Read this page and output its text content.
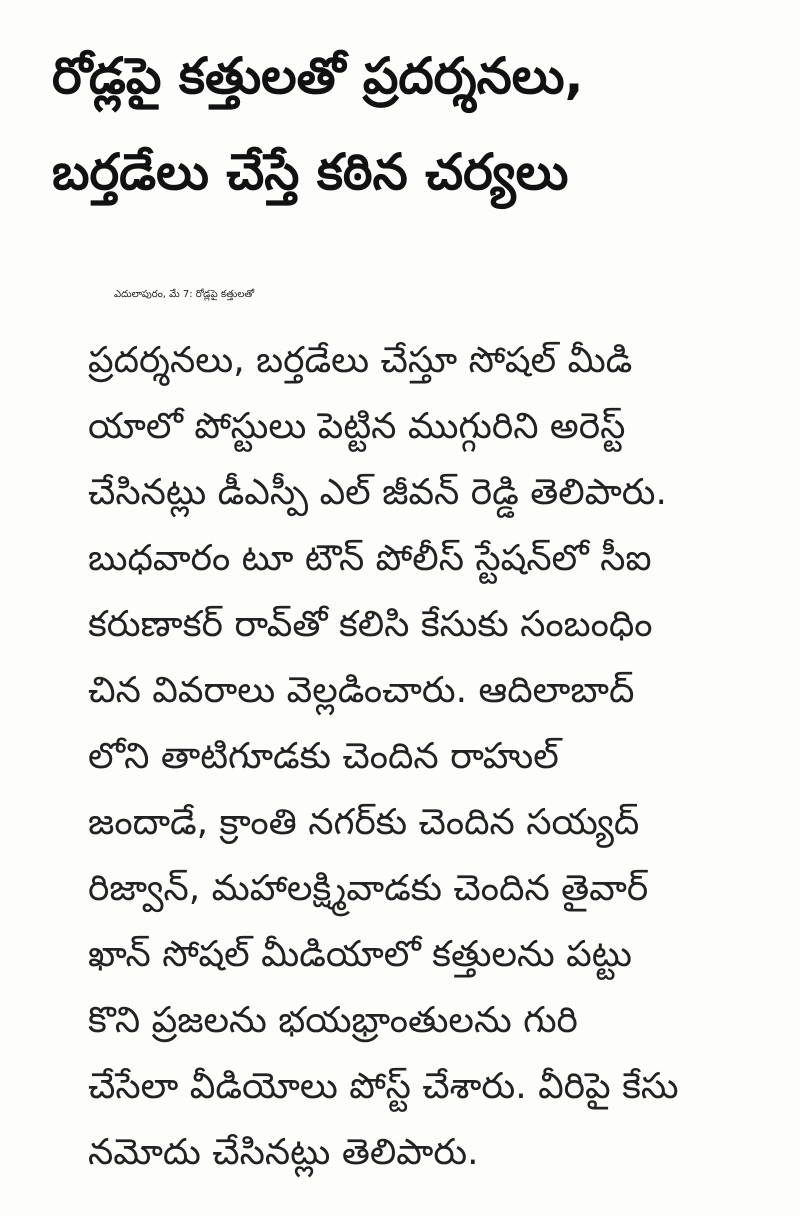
రోడ్లపై కత్తులతో ప్రదర్శనలు,
బర్తడేలు చేస్తే కఠిన చర్యలు
ఎదులాపురం, మే 7: రోడ్లపై కత్తులతో
ప్రదర్శనలు, బర్తడేలు చేస్తూ సోషల్ మీడి
యాలో పోస్టులు పెట్టిన ముగ్గురిని అరెస్ట్
చేసినట్లు డీఎస్పీ ఎల్ జీవన్ రెడ్డి తెలిపారు.
బుధవారం టూ టౌన్ పోలీస్ స్టేషన్‌లో సీఐ
కరుణాకర్ రావ్‌తో కలిసి కేసుకు సంబంధిం
చిన వివరాలు వెల్లడించారు. ఆదిలాబాద్
లోని తాటిగూడకు చెందిన రాహుల్
జందాడే, క్రాంతి నగర్‌కు చెందిన సయ్యద్
రిజ్వాన్, మహాలక్ష్మివాడకు చెందిన తైవార్
ఖాన్ సోషల్ మీడియాలో కత్తులను పట్టు
కొని ప్రజలను భయభ్రాంతులను గురి
చేసేలా వీడియోలు పోస్ట్ చేశారు. వీరిపై కేసు
నమోదు చేసినట్లు తెలిపారు.
